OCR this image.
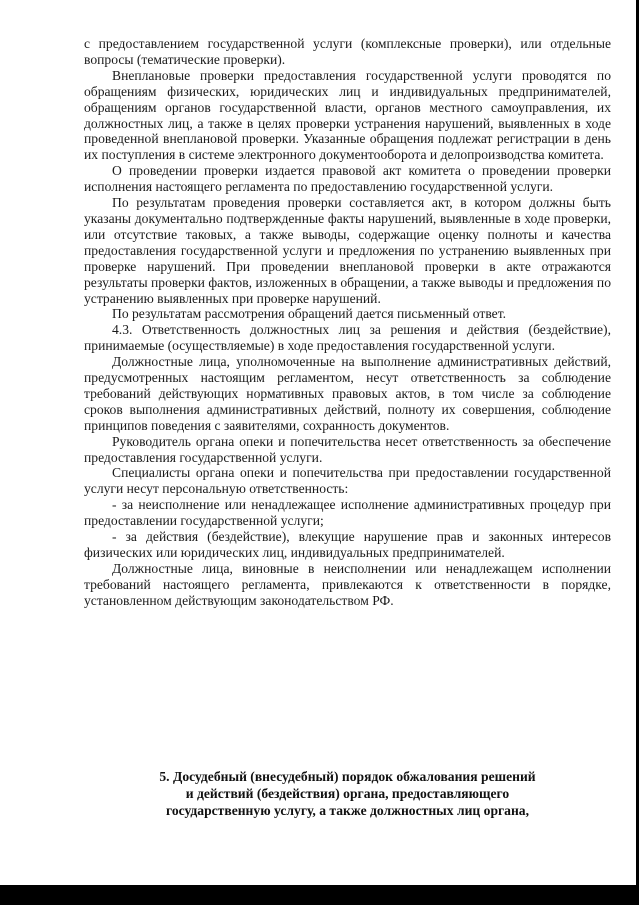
с предоставлением государственной услуги (комплексные проверки), или отдельные вопросы (тематические проверки).

Внеплановые проверки предоставления государственной услуги проводятся по обращениям физических, юридических лиц и индивидуальных предпринимателей, обращениям органов государственной власти, органов местного самоуправления, их должностных лиц, а также в целях проверки устранения нарушений, выявленных в ходе проведенной внеплановой проверки. Указанные обращения подлежат регистрации в день их поступления в системе электронного документооборота и делопроизводства комитета.

О проведении проверки издается правовой акт комитета о проведении проверки исполнения настоящего регламента по предоставлению государственной услуги.

По результатам проведения проверки составляется акт, в котором должны быть указаны документально подтвержденные факты нарушений, выявленные в ходе проверки, или отсутствие таковых, а также выводы, содержащие оценку полноты и качества предоставления государственной услуги и предложения по устранению выявленных при проверке нарушений. При проведении внеплановой проверки в акте отражаются результаты проверки фактов, изложенных в обращении, а также выводы и предложения по устранению выявленных при проверке нарушений.

По результатам рассмотрения обращений дается письменный ответ.

4.3. Ответственность должностных лиц за решения и действия (бездействие), принимаемые (осуществляемые) в ходе предоставления государственной услуги.

Должностные лица, уполномоченные на выполнение административных действий, предусмотренных настоящим регламентом, несут ответственность за соблюдение требований действующих нормативных правовых актов, в том числе за соблюдение сроков выполнения административных действий, полноту их совершения, соблюдение принципов поведения с заявителями, сохранность документов.

Руководитель органа опеки и попечительства несет ответственность за обеспечение предоставления государственной услуги.

Специалисты органа опеки и попечительства при предоставлении государственной услуги несут персональную ответственность:

- за неисполнение или ненадлежащее исполнение административных процедур при предоставлении государственной услуги;

- за действия (бездействие), влекущие нарушение прав и законных интересов физических или юридических лиц, индивидуальных предпринимателей.

Должностные лица, виновные в неисполнении или ненадлежащем исполнении требований настоящего регламента, привлекаются к ответственности в порядке, установленном действующим законодательством РФ.

5. Досудебный (внесудебный) порядок обжалования решений
и действий (бездействия) органа, предоставляющего
государственную услугу, а также должностных лиц органа,
